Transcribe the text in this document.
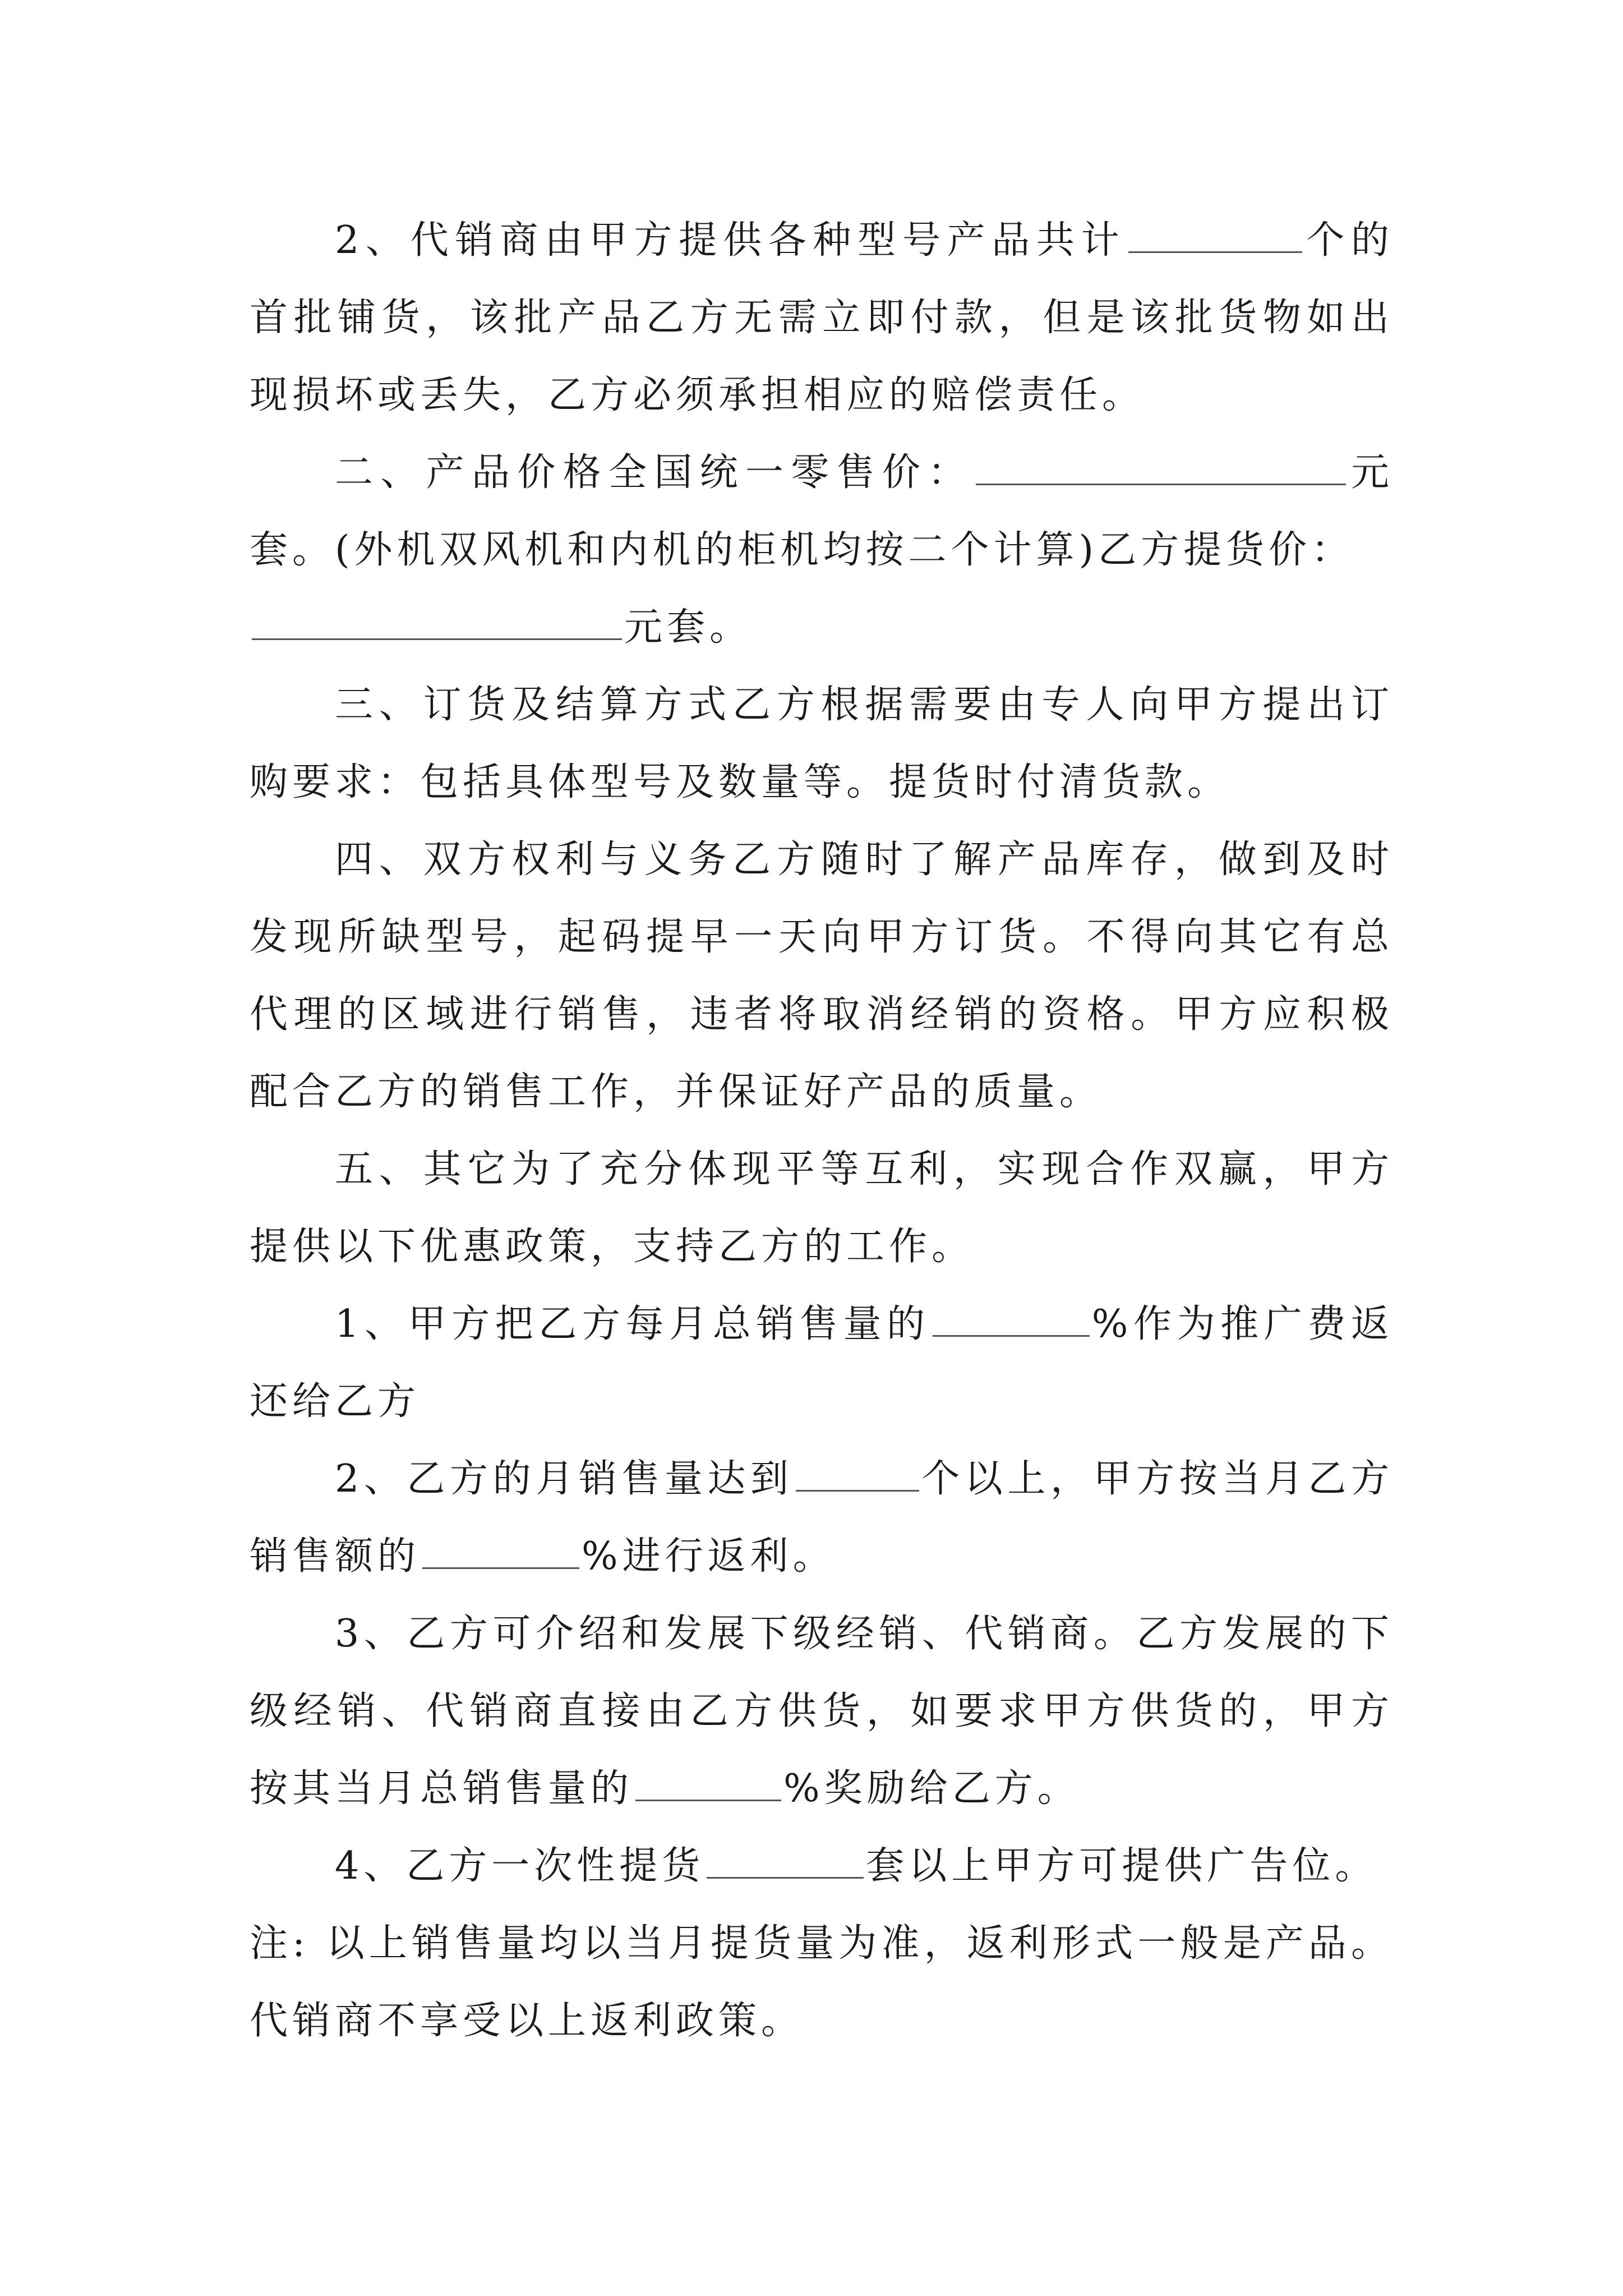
2、代销商由甲方提供各种型号产品共计	个的首批铺货，该批产品乙方无需立即付款，但是该批货物如出现损坏或丢失，乙方必须承担相应的赔偿责任。

二、产品价格全国统一零售价：	元套。(外机双风机和内机的柜机均按二个计算)乙方提货价：
元套。

三、订货及结算方式乙方根据需要由专人向甲方提出订购要求：包括具体型号及数量等。提货时付清货款。

四、双方权利与义务乙方随时了解产品库存，做到及时发现所缺型号，起码提早一天向甲方订货。不得向其它有总代理的区域进行销售，违者将取消经销的资格。甲方应积极配合乙方的销售工作，并保证好产品的质量。

五、其它为了充分体现平等互利，实现合作双赢，甲方提供以下优惠政策，支持乙方的工作。

1、甲方把乙方每月总销售量的	%作为推广费返还给乙方

2、乙方的月销售量达到	个以上，甲方按当月乙方销售额的	%进行返利。

3、乙方可介绍和发展下级经销、代销商。乙方发展的下级经销、代销商直接由乙方供货，如要求甲方供货的，甲方按其当月总销售量的	%奖励给乙方。

4、乙方一次性提货	套以上甲方可提供广告位。

注: 以上销售量均以当月提货量为准，返利形式一般是产品。代销商不享受以上返利政策。
